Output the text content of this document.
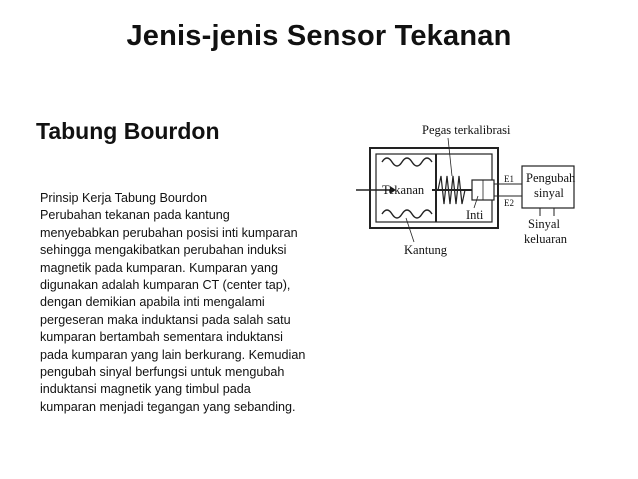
Jenis-jenis Sensor Tekanan
Tabung Bourdon

Prinsip Kerja Tabung Bourdon
Perubahan tekanan pada kantung
menyebabkan perubahan posisi inti kumparan
sehingga mengakibatkan perubahan induksi
magnetik pada kumparan. Kumparan yang
digunakan adalah kumparan CT (center tap),
dengan demikian apabila inti mengalami
pergeseran maka induktansi pada salah satu
kumparan bertambah sementara induktansi
pada kumparan yang lain berkurang. Kemudian
pengubah sinyal berfungsi untuk mengubah
induktansi magnetik yang timbul pada
kumparan menjadi tegangan yang sebanding.

E1
E2
Pengubah
sinyal
Sinyal
keluaran
Pegas terkalibrasi
Tekanan
Inti
Kantung
